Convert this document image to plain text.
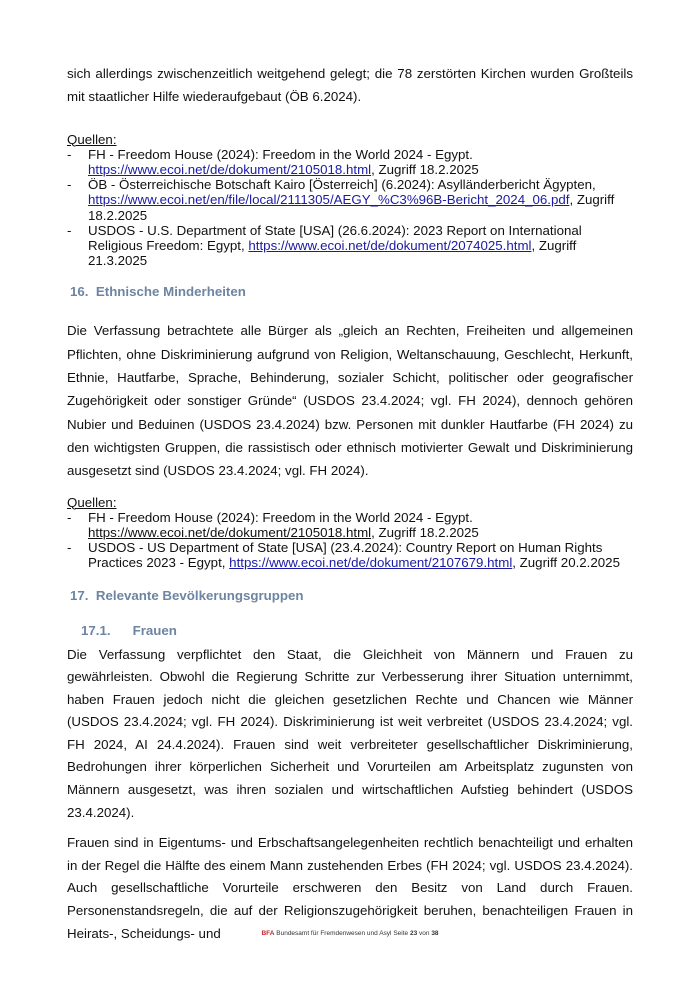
sich allerdings zwischenzeitlich weitgehend gelegt; die 78 zerstörten Kirchen wurden Großteils mit staatlicher Hilfe wiederaufgebaut (ÖB 6.2024).

Quellen:
- FH - Freedom House (2024): Freedom in the World 2024 - Egypt.
https://www.ecoi.net/de/dokument/2105018.html, Zugriff 18.2.2025
- ÖB - Österreichische Botschaft Kairo [Österreich] (6.2024): Asylländerbericht Ägypten,
https://www.ecoi.net/en/file/local/2111305/AEGY_%C3%96B-Bericht_2024_06.pdf, Zugriff 18.2.2025
- USDOS - U.S. Department of State [USA] (26.6.2024): 2023 Report on International Religious Freedom: Egypt, https://www.ecoi.net/de/dokument/2074025.html, Zugriff 21.3.2025
16. Ethnische Minderheiten

Die Verfassung betrachtete alle Bürger als „gleich an Rechten, Freiheiten und allgemeinen Pflichten, ohne Diskriminierung aufgrund von Religion, Weltanschauung, Geschlecht, Herkunft, Ethnie, Hautfarbe, Sprache, Behinderung, sozialer Schicht, politischer oder geografischer Zugehörigkeit oder sonstiger Gründe“ (USDOS 23.4.2024; vgl. FH 2024), dennoch gehören Nubier und Beduinen (USDOS 23.4.2024) bzw. Personen mit dunkler Hautfarbe (FH 2024) zu den wichtigsten Gruppen, die rassistisch oder ethnisch motivierter Gewalt und Diskriminierung ausgesetzt sind (USDOS 23.4.2024; vgl. FH 2024).

Quellen:
- FH - Freedom House (2024): Freedom in the World 2024 - Egypt.
https://www.ecoi.net/de/dokument/2105018.html, Zugriff 18.2.2025
- USDOS - US Department of State [USA] (23.4.2024): Country Report on Human Rights Practices 2023 - Egypt, https://www.ecoi.net/de/dokument/2107679.html, Zugriff 20.2.2025
17. Relevante Bevölkerungsgruppen
17.1. Frauen

Die Verfassung verpflichtet den Staat, die Gleichheit von Männern und Frauen zu gewährleisten. Obwohl die Regierung Schritte zur Verbesserung ihrer Situation unternimmt, haben Frauen jedoch nicht die gleichen gesetzlichen Rechte und Chancen wie Männer (USDOS 23.4.2024; vgl. FH 2024). Diskriminierung ist weit verbreitet (USDOS 23.4.2024; vgl. FH 2024, AI 24.4.2024). Frauen sind weit verbreiteter gesellschaftlicher Diskriminierung, Bedrohungen ihrer körperlichen Sicherheit und Vorurteilen am Arbeitsplatz zugunsten von Männern ausgesetzt, was ihren sozialen und wirtschaftlichen Aufstieg behindert (USDOS 23.4.2024).

Frauen sind in Eigentums- und Erbschaftsangelegenheiten rechtlich benachteiligt und erhalten in der Regel die Hälfte des einem Mann zustehenden Erbes (FH 2024; vgl. USDOS 23.4.2024). Auch gesellschaftliche Vorurteile erschweren den Besitz von Land durch Frauen. Personenstandsregeln, die auf der Religionszugehörigkeit beruhen, benachteiligen Frauen in Heirats-, Scheidungs- und	BFA Bundesamt für Fremdenwesen und Asyl Seite 23 von 38
